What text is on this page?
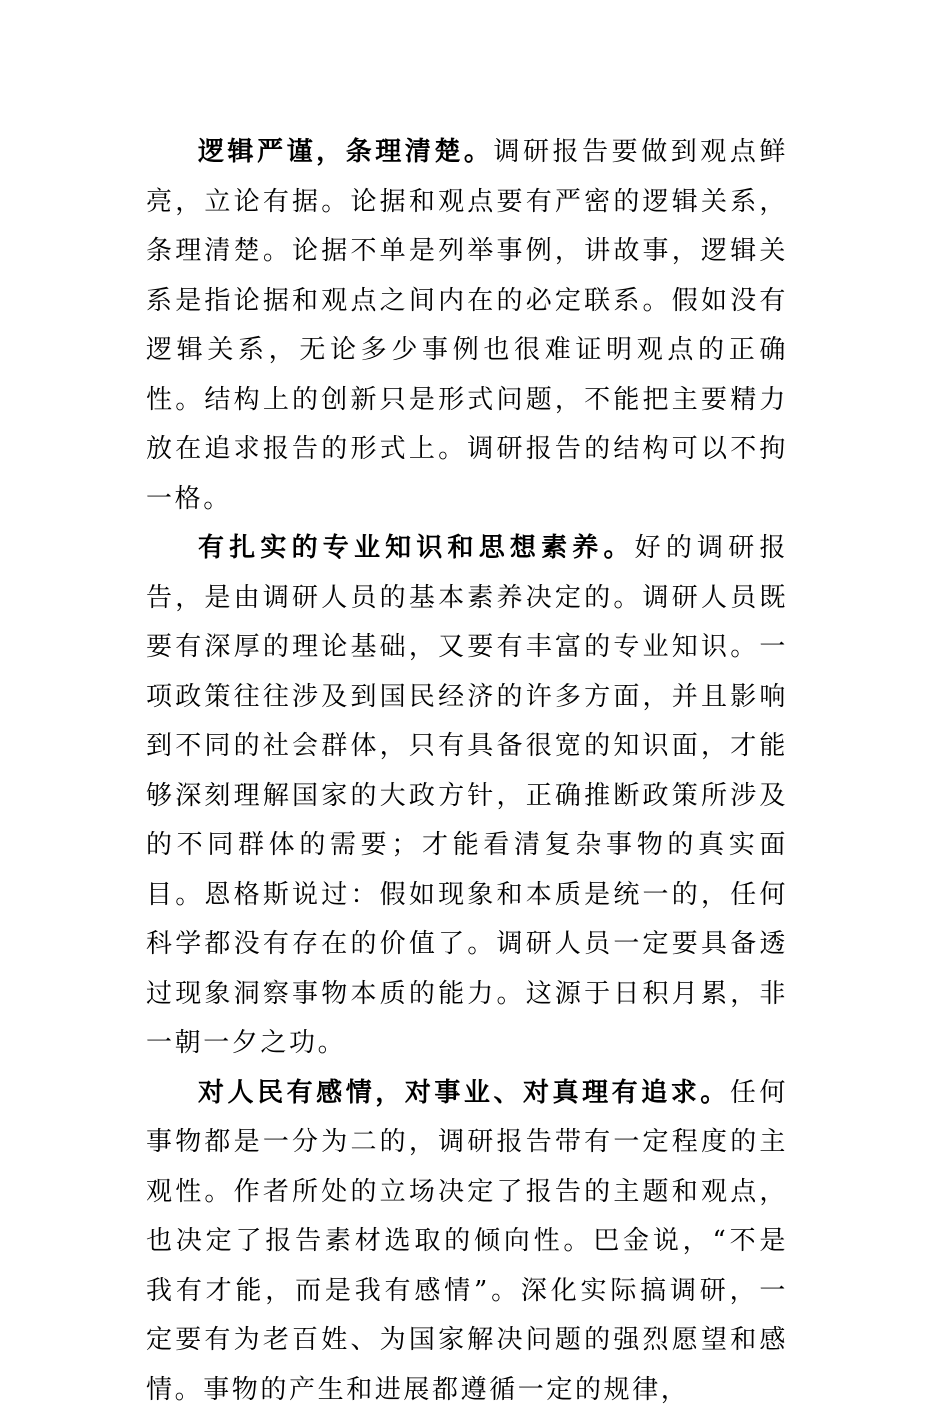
逻辑严谨，条理清楚。调研报告要做到观点鲜亮，立论有据。论据和观点要有严密的逻辑关系，条理清楚。论据不单是列举事例，讲故事，逻辑关系是指论据和观点之间内在的必定联系。假如没有逻辑关系，无论多少事例也很难证明观点的正确性。结构上的创新只是形式问题，不能把主要精力放在追求报告的形式上。调研报告的结构可以不拘一格。

有扎实的专业知识和思想素养。好的调研报告，是由调研人员的基本素养决定的。调研人员既要有深厚的理论基础，又要有丰富的专业知识。一项政策往往涉及到国民经济的许多方面，并且影响到不同的社会群体，只有具备很宽的知识面，才能够深刻理解国家的大政方针，正确推断政策所涉及的不同群体的需要；才能看清复杂事物的真实面目。恩格斯说过：假如现象和本质是统一的，任何科学都没有存在的价值了。调研人员一定要具备透过现象洞察事物本质的能力。这源于日积月累，非一朝一夕之功。

对人民有感情，对事业、对真理有追求。任何事物都是一分为二的，调研报告带有一定程度的主观性。作者所处的立场决定了报告的主题和观点，也决定了报告素材选取的倾向性。巴金说，“不是我有才能，而是我有感情”。深化实际搞调研，一定要有为老百姓、为国家解决问题的强烈愿望和感情。事物的产生和进展都遵循一定的规律，
